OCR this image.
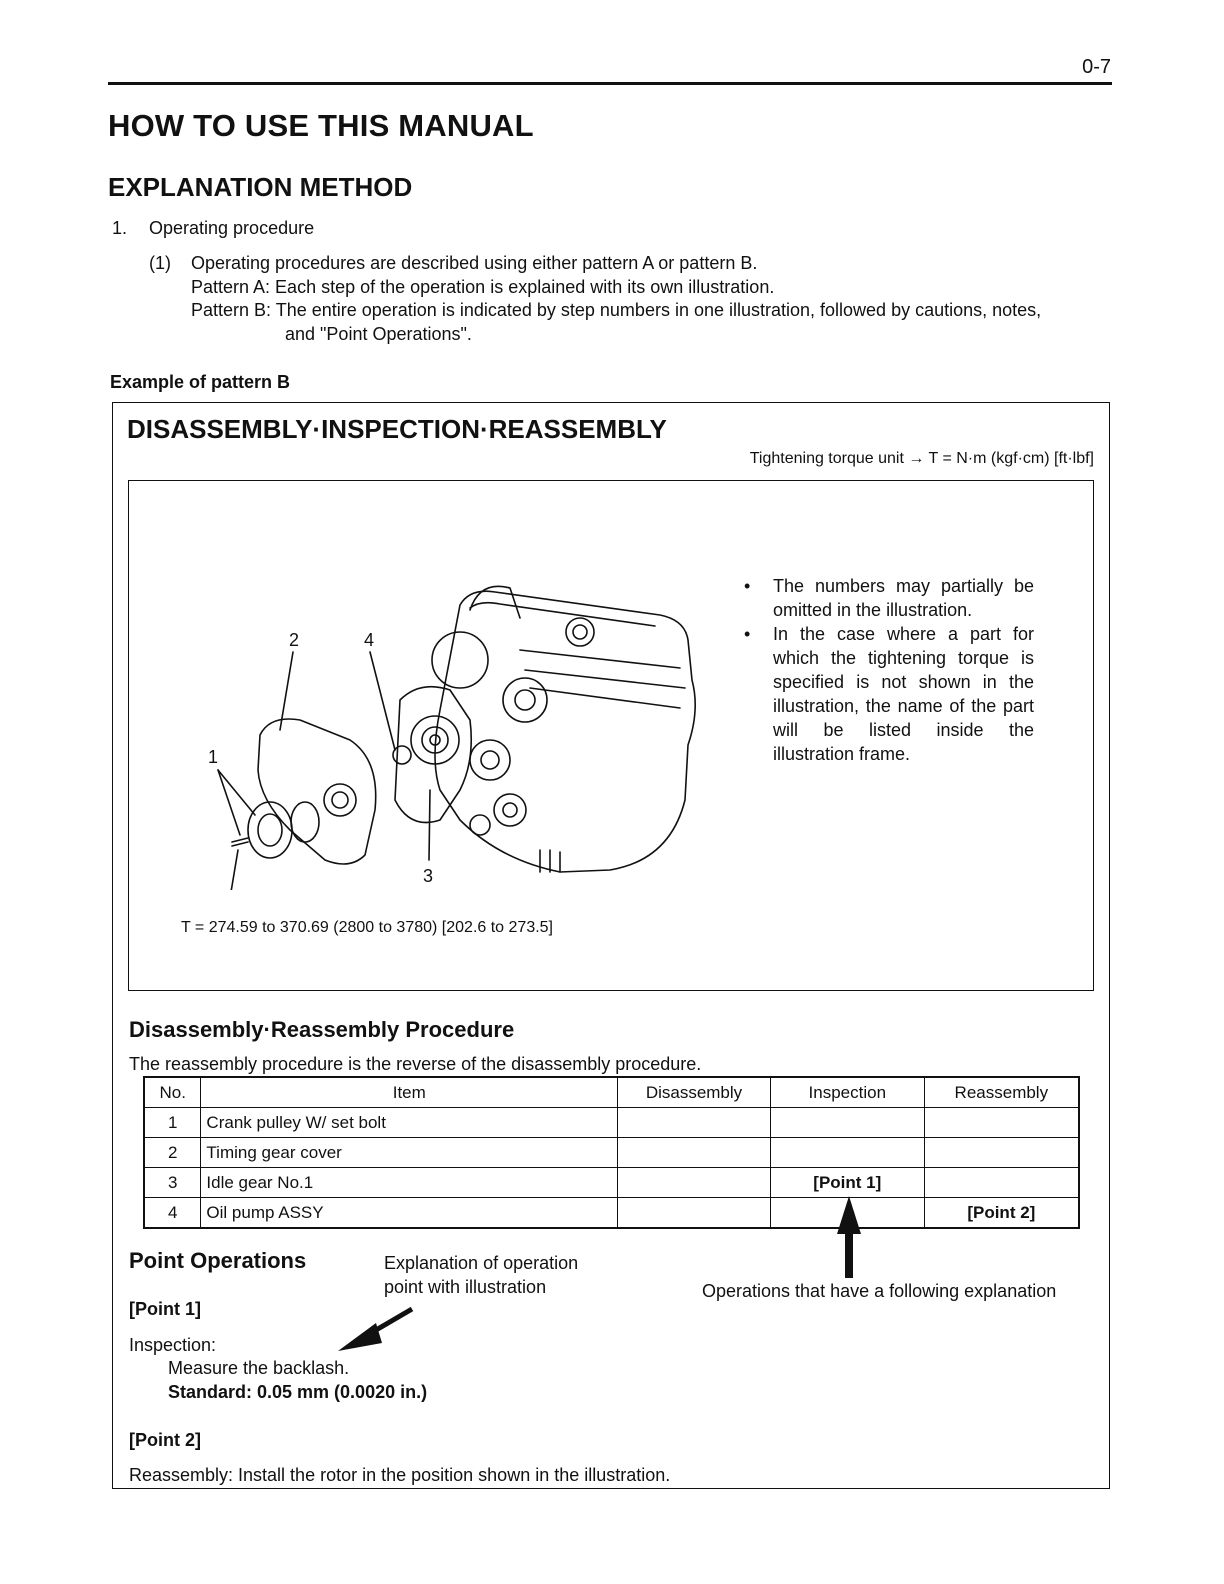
0-7
HOW TO USE THIS MANUAL
EXPLANATION METHOD
1. Operating procedure
(1) Operating procedures are described using either pattern A or pattern B.
Pattern A: Each step of the operation is explained with its own illustration.
Pattern B: The entire operation is indicated by step numbers in one illustration, followed by cautions, notes,
and "Point Operations".
Example of pattern B
DISASSEMBLY·INSPECTION·REASSEMBLY
Tightening torque unit → T = N·m (kgf·cm) [ft·lbf]
2	4
1
3
T = 274.59 to 370.69 (2800 to 3780) [202.6 to 273.5]
• The numbers may partially be omitted in the illustration.
• In the case where a part for which the tightening torque is specified is not shown in the illustration, the name of the part will be listed inside the illustration frame.
Disassembly·Reassembly Procedure
The reassembly procedure is the reverse of the disassembly procedure.
No.	Item	Disassembly	Inspection	Reassembly
1	Crank pulley W/ set bolt			
2	Timing gear cover			
3	Idle gear No.1		[Point 1]	
4	Oil pump ASSY			[Point 2]
Point Operations	Explanation of operation
point with illustration	Operations that have a following explanation
[Point 1]
Inspection:
Measure the backlash.
Standard: 0.05 mm (0.0020 in.)
[Point 2]
Reassembly: Install the rotor in the position shown in the illustration.
